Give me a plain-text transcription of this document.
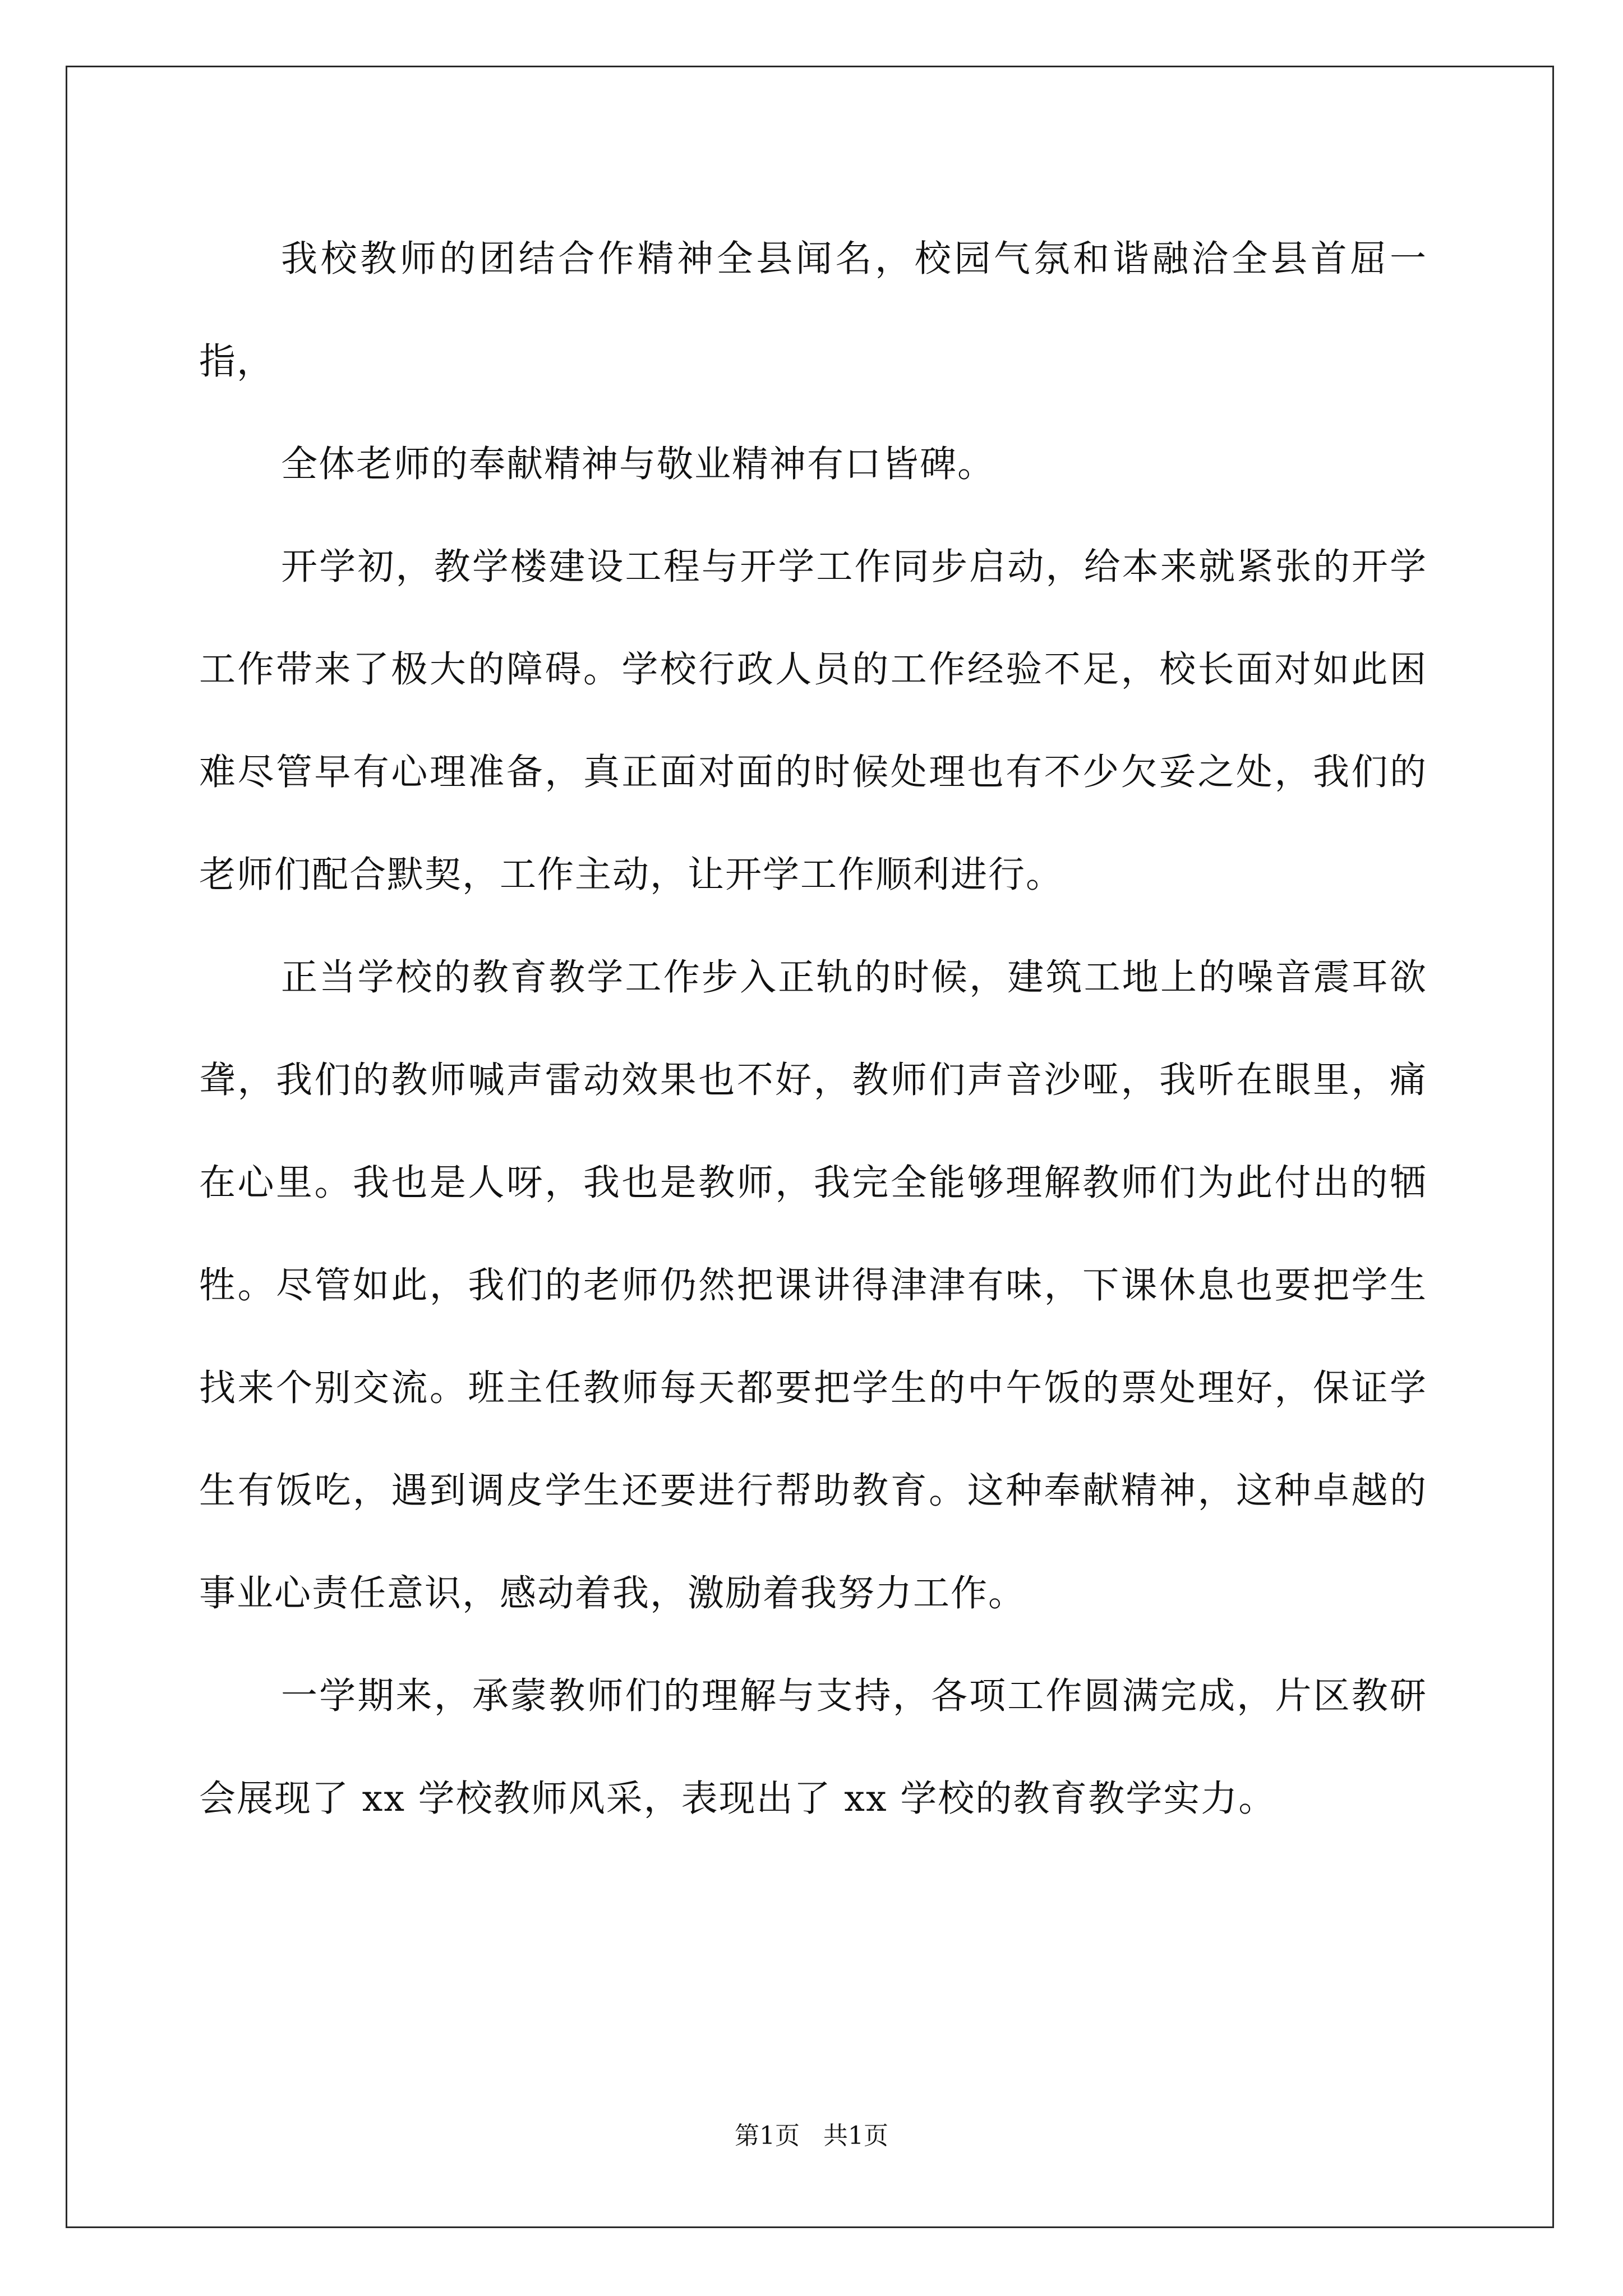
我校教师的团结合作精神全县闻名，校园气氛和谐融洽全县首屈一指，

全体老师的奉献精神与敬业精神有口皆碑。

开学初，教学楼建设工程与开学工作同步启动，给本来就紧张的开学工作带来了极大的障碍。学校行政人员的工作经验不足，校长面对如此困难尽管早有心理准备，真正面对面的时候处理也有不少欠妥之处，我们的老师们配合默契，工作主动，让开学工作顺利进行。

正当学校的教育教学工作步入正轨的时候，建筑工地上的噪音震耳欲聋，我们的教师喊声雷动效果也不好，教师们声音沙哑，我听在眼里，痛在心里。我也是人呀，我也是教师，我完全能够理解教师们为此付出的牺牲。尽管如此，我们的老师仍然把课讲得津津有味，下课休息也要把学生找来个别交流。班主任教师每天都要把学生的中午饭的票处理好，保证学生有饭吃，遇到调皮学生还要进行帮助教育。这种奉献精神，这种卓越的事业心责任意识，感动着我，激励着我努力工作。

一学期来，承蒙教师们的理解与支持，各项工作圆满完成，片区教研会展现了 xx 学校教师风采，表现出了 xx 学校的教育教学实力。

第1页   共1页
